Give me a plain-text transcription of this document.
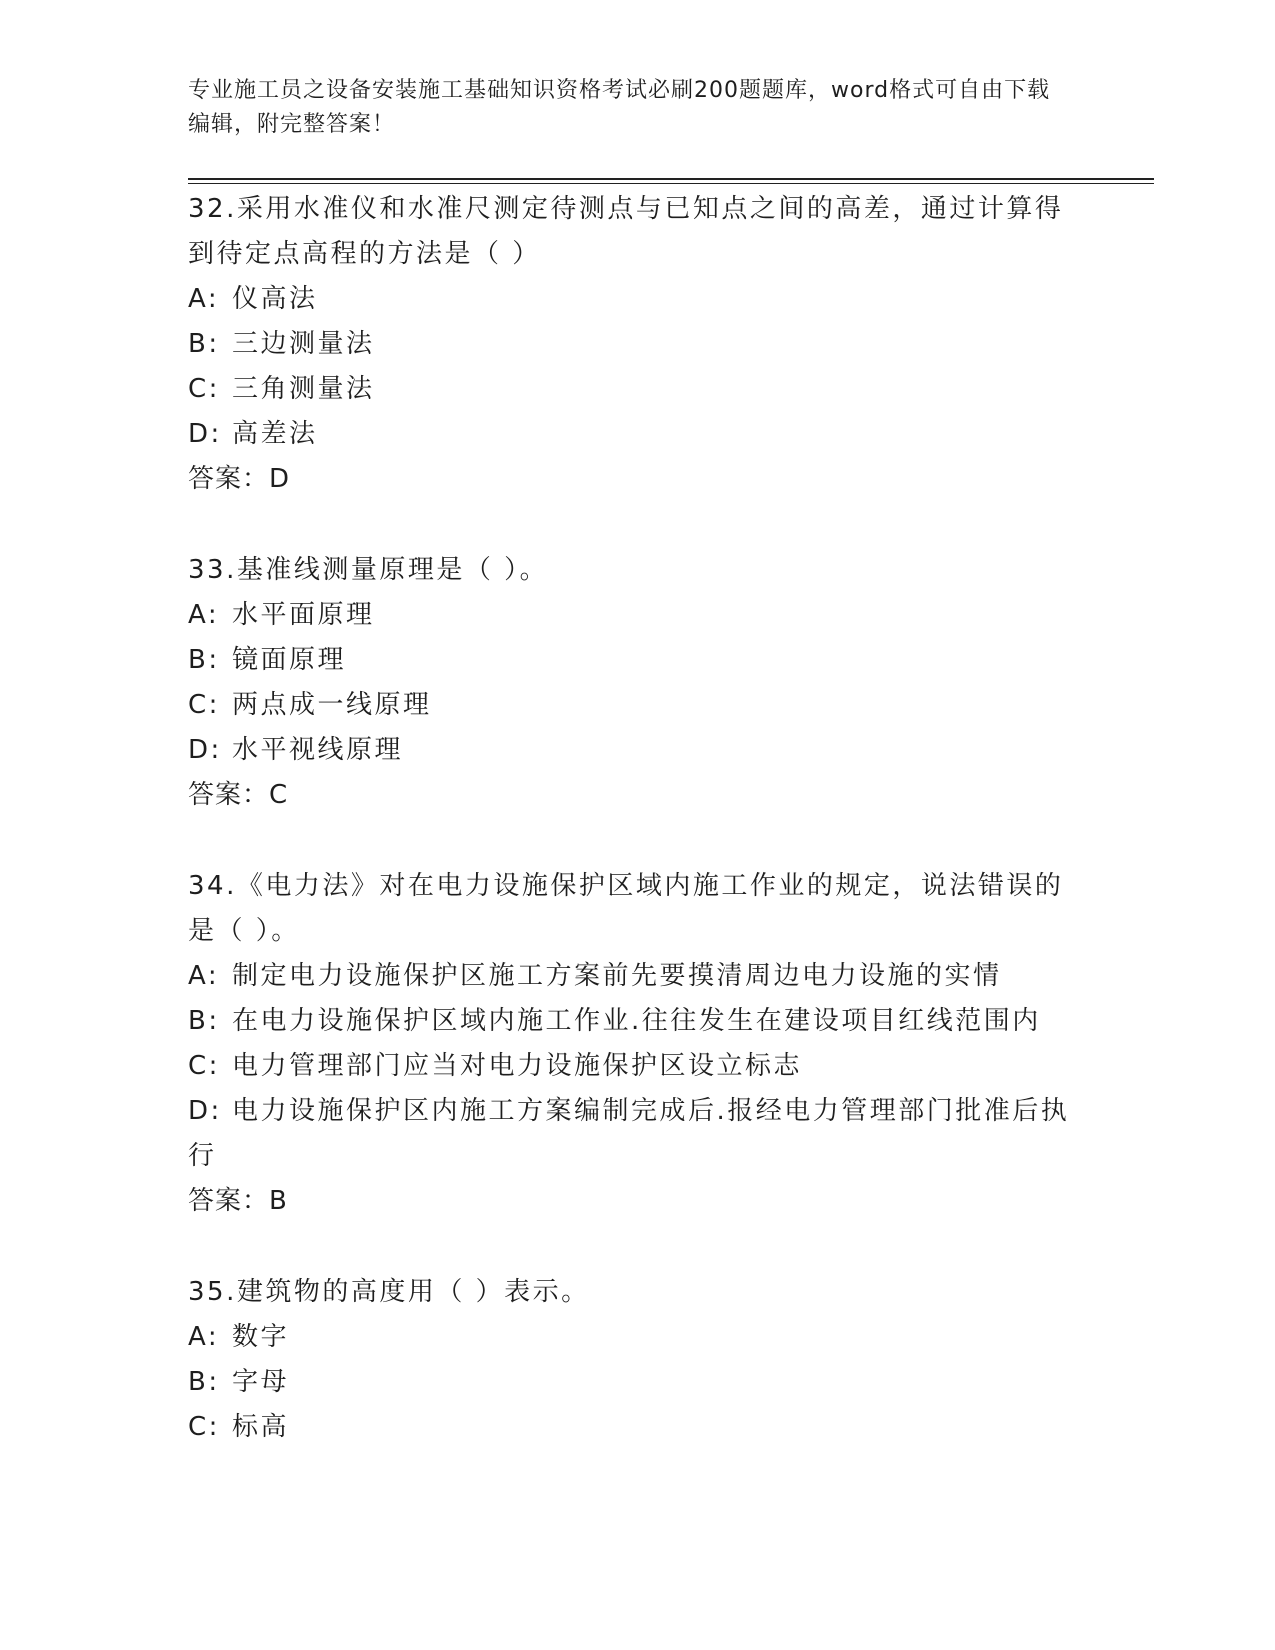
专业施工员之设备安装施工基础知识资格考试必刷200题题库，word格式可自由下载编辑，附完整答案！
32.采用水准仪和水准尺测定待测点与已知点之间的高差，通过计算得到待定点高程的方法是（ ）
A: 仪高法
B: 三边测量法
C: 三角测量法
D: 高差法
答案：D
33.基准线测量原理是（ ）。
A: 水平面原理
B: 镜面原理
C: 两点成一线原理
D: 水平视线原理
答案：C
34.《电力法》对在电力设施保护区域内施工作业的规定，说法错误的是（ ）。
A: 制定电力设施保护区施工方案前先要摸清周边电力设施的实情
B: 在电力设施保护区域内施工作业.往往发生在建设项目红线范围内
C: 电力管理部门应当对电力设施保护区设立标志
D: 电力设施保护区内施工方案编制完成后.报经电力管理部门批准后执行
答案：B
35.建筑物的高度用（ ）表示。
A: 数字
B: 字母
C: 标高
